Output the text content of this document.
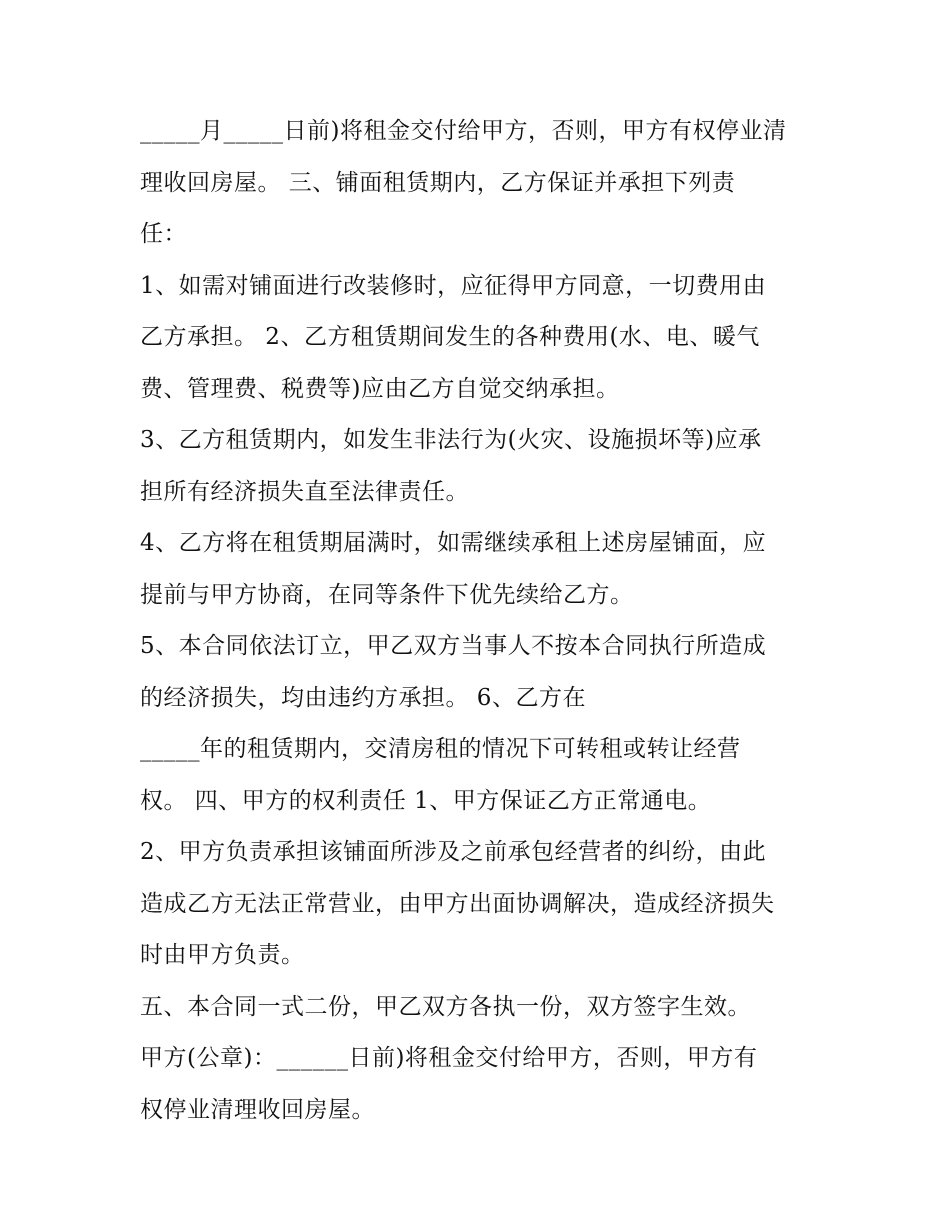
_____月_____日前)将租金交付给甲方，否则，甲方有权停业清
理收回房屋。 三、铺面租赁期内，乙方保证并承担下列责
任：
1、如需对铺面进行改装修时，应征得甲方同意，一切费用由
乙方承担。 2、乙方租赁期间发生的各种费用(水、电、暖气
费、管理费、税费等)应由乙方自觉交纳承担。
3、乙方租赁期内，如发生非法行为(火灾、设施损坏等)应承
担所有经济损失直至法律责任。
4、乙方将在租赁期届满时，如需继续承租上述房屋铺面，应
提前与甲方协商，在同等条件下优先续给乙方。
5、本合同依法订立，甲乙双方当事人不按本合同执行所造成
的经济损失，均由违约方承担。 6、乙方在
_____年的租赁期内，交清房租的情况下可转租或转让经营
权。 四、甲方的权利责任 1、甲方保证乙方正常通电。
2、甲方负责承担该铺面所涉及之前承包经营者的纠纷，由此
造成乙方无法正常营业，由甲方出面协调解决，造成经济损失
时由甲方负责。
五、本合同一式二份，甲乙双方各执一份，双方签字生效。
甲方(公章)：______日前)将租金交付给甲方，否则，甲方有
权停业清理收回房屋。
